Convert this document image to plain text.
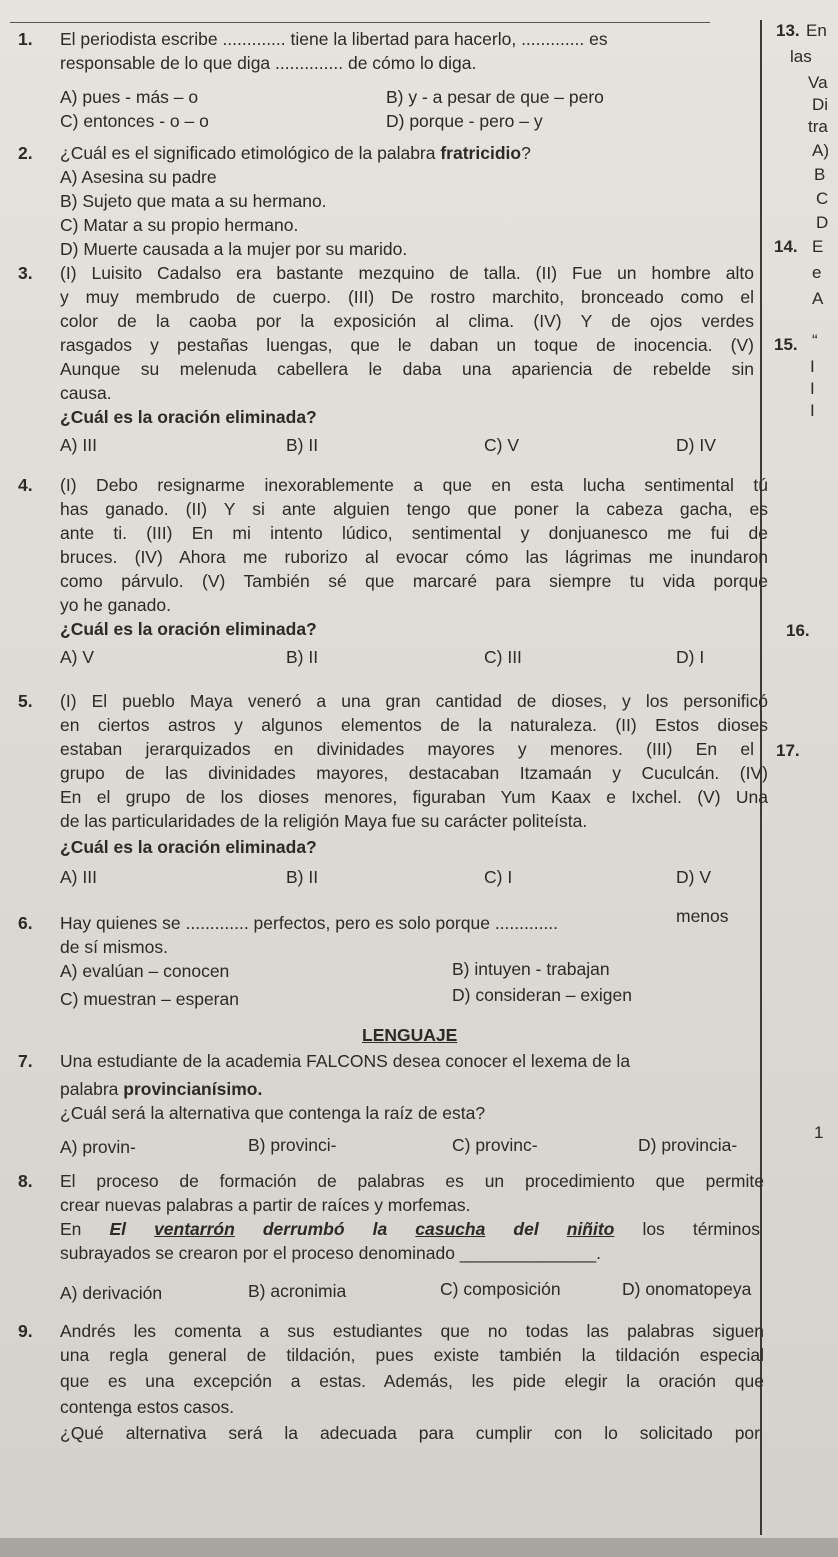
1. El periodista escribe ............. tiene la libertad para hacerlo, ............. es
responsable de lo que diga .............. de cómo lo diga.
A) pues - más – o	B) y - a pesar de que – pero
C) entonces - o – o	D) porque - pero – y
2. ¿Cuál es el significado etimológico de la palabra fratricidio?
A) Asesina su padre
B) Sujeto que mata a su hermano.
C) Matar a su propio hermano.
D) Muerte causada a la mujer por su marido.
3. (I) Luisito Cadalso era bastante mezquino de talla. (II) Fue un hombre alto
y muy membrudo de cuerpo. (III) De rostro marchito, bronceado como el
color de la caoba por la exposición al clima. (IV) Y de ojos verdes
rasgados y pestañas luengas, que le daban un toque de inocencia. (V)
Aunque su melenuda cabellera le daba una apariencia de rebelde sin
causa.
¿Cuál es la oración eliminada?
A) III	B) II	C) V	D) IV
4. (I) Debo resignarme inexorablemente a que en esta lucha sentimental tú
has ganado. (II) Y si ante alguien tengo que poner la cabeza gacha, es
ante ti. (III) En mi intento lúdico, sentimental y donjuanesco me fui de
bruces. (IV) Ahora me ruborizo al evocar cómo las lágrimas me inundaron
como párvulo. (V) También sé que marcaré para siempre tu vida porque
yo he ganado.
¿Cuál es la oración eliminada?
A) V	B) II	C) III	D) I
5. (I) El pueblo Maya veneró a una gran cantidad de dioses, y los personificó
en ciertos astros y algunos elementos de la naturaleza. (II) Estos dioses
estaban jerarquizados en divinidades mayores y menores. (III) En el
grupo de las divinidades mayores, destacaban Itzamaán y Cuculcán. (IV)
En el grupo de los dioses menores, figuraban Yum Kaax e Ixchel. (V) Una
de las particularidades de la religión Maya fue su carácter politeísta.
¿Cuál es la oración eliminada?
A) III	B) II	C) I	D) V
6. Hay quienes se ............. perfectos, pero es solo porque .............	menos
de sí mismos.
A) evalúan – conocen	B) intuyen - trabajan
C) muestran – esperan	D) consideran – exigen
LENGUAJE
7. Una estudiante de la academia FALCONS desea conocer el lexema de la
palabra provincianísimo.
¿Cuál será la alternativa que contenga la raíz de esta?
A) provin-	B) provinci-	C) provinc-	D) provincia-
8. El proceso de formación de palabras es un procedimiento que permite
crear nuevas palabras a partir de raíces y morfemas.
En El ventarrón derrumbó la casucha del niñito los términos
subrayados se crearon por el proceso denominado ______________.
A) derivación	B) acronimia	C) composición	D) onomatopeya
9. Andrés les comenta a sus estudiantes que no todas las palabras siguen
una regla general de tildación, pues existe también la tildación especial
que es una excepción a estas. Además, les pide elegir la oración que
contenga estos casos.
¿Qué alternativa será la adecuada para cumplir con lo solicitado por
13. En
las
Va
Di
tra
A)
B
C
D
14. E
e
A
15. “
I
I
I
16.
17.
1
